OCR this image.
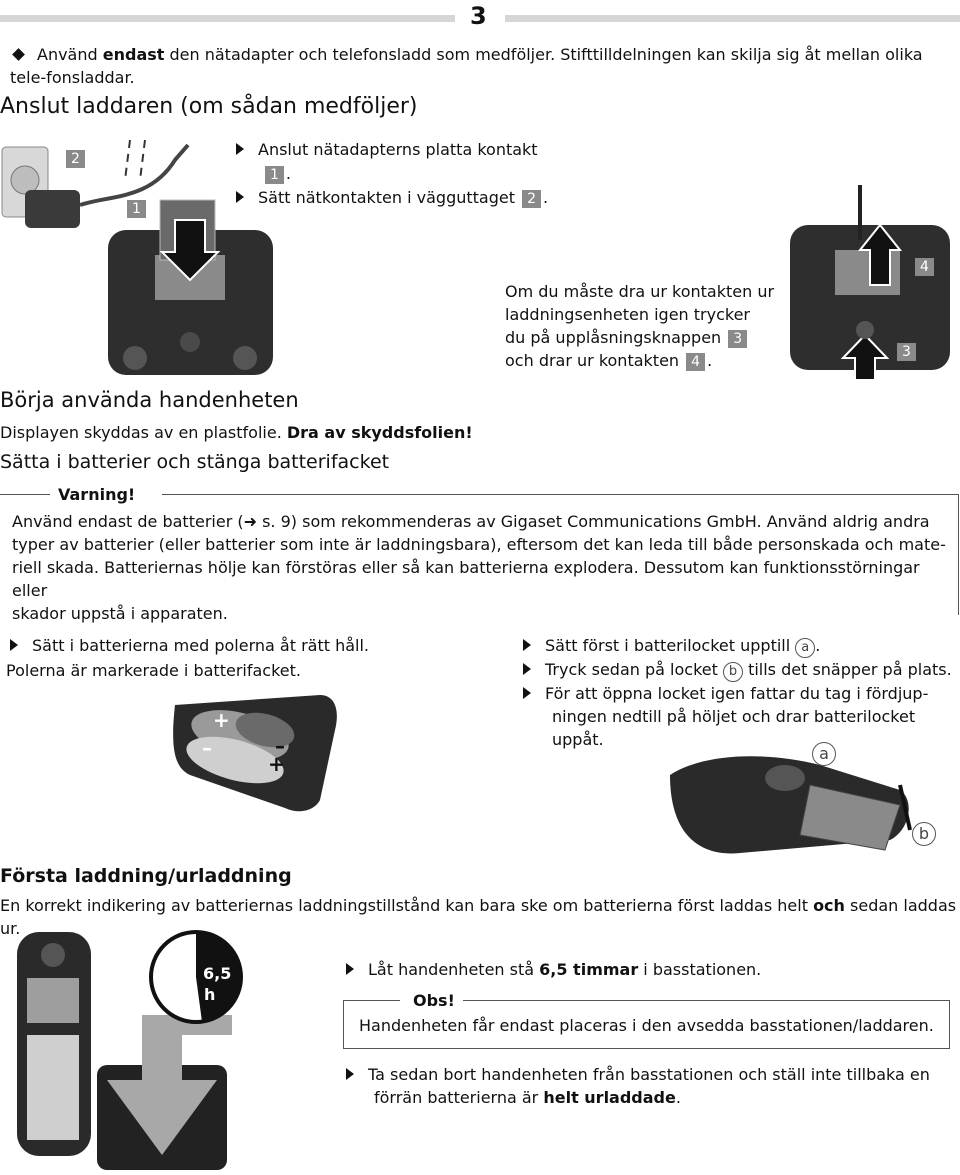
3
Använd endast den nätadapter och telefonsladd som medföljer. Stifttilldelningen kan skilja sig åt mellan olika tele-fonsladdar.
Anslut laddaren (om sådan medföljer)
2
1
Anslut nätadapterns platta kontakt
1 .
Sätt nätkontakten i vägguttaget 2 .
Om du måste dra ur kontakten ur
laddningsenheten igen trycker
du på upplåsningsknappen 3
och drar ur kontakten 4 .
4
3
Börja använda handenheten
Displayen skyddas av en plastfolie. Dra av skyddsfolien!
Sätta i batterier och stänga batterifacket
Varning!
Använd endast de batterier (➜ s. 9) som rekommenderas av Gigaset Communications GmbH. Använd aldrig andra
typer av batterier (eller batterier som inte är laddningsbara), eftersom det kan leda till både personskada och mate-
riell skada. Batteriernas hölje kan förstöras eller så kan batterierna explodera. Dessutom kan funktionsstörningar eller
skador uppstå i apparaten.
Sätt i batterierna med polerna åt rätt håll.
Polerna är markerade i batterifacket.
+
–	–
+
Sätt först i batterilocket upptill a .
Tryck sedan på locket b tills det snäpper på plats.
För att öppna locket igen fattar du tag i fördjup-
ningen nedtill på höljet och drar batterilocket
uppåt.
a
b
Första laddning/urladdning
En korrekt indikering av batteriernas laddningstillstånd kan bara ske om batterierna först laddas helt och sedan laddas ur.
6,5
h
Låt handenheten stå 6,5 timmar i basstationen.
Obs!
Handenheten får endast placeras i den avsedda basstationen/laddaren.
Ta sedan bort handenheten från basstationen och ställ inte tillbaka en
förrän batterierna är helt urladdade.
